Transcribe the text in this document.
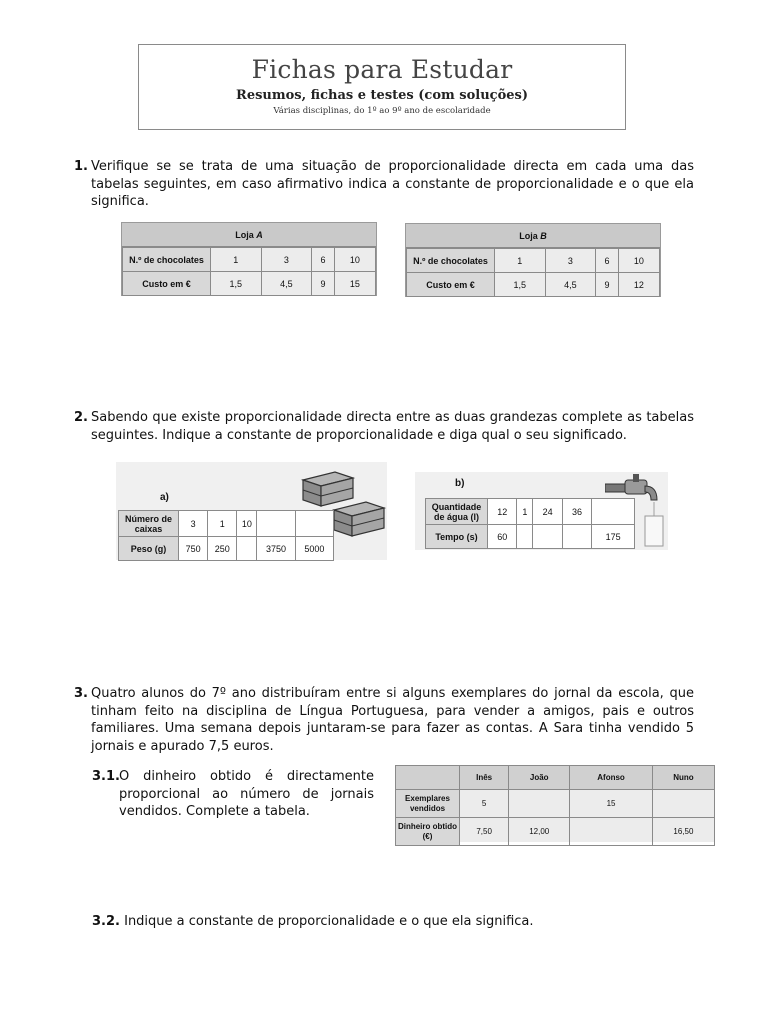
Fichas para Estudar
Resumos, fichas e testes (com soluções)
Várias disciplinas, do 1º ao 9º ano de escolaridade
1. Verifique se se trata de uma situação de proporcionalidade directa em cada uma das tabelas seguintes, em caso afirmativo indica a constante de proporcionalidade e o que ela significa.
Loja A
N.º de chocolates	1	3	6	10
Custo em €	1,5	4,5	9	15
Loja B
N.º de chocolates	1	3	6	10
Custo em €	1,5	4,5	9	12
2. Sabendo que existe proporcionalidade directa entre as duas grandezas complete as tabelas seguintes. Indique a constante de proporcionalidade e diga qual o seu significado.
a)
Número de caixas	3	1	10		
Peso (g)	750	250		3750	5000
b)
Quantidade de água (l)	12	1	24	36	
Tempo (s)	60				175
3. Quatro alunos do 7º ano distribuíram entre si alguns exemplares do jornal da escola, que tinham feito na disciplina de Língua Portuguesa, para vender a amigos, pais e outros familiares. Uma semana depois juntaram-se para fazer as contas. A Sara tinha vendido 5 jornais e apurado 7,5 euros.
3.1. O dinheiro obtido é directamente proporcional ao número de jornais vendidos. Complete a tabela.
	Inês	João	Afonso	Nuno
Exemplares vendidos	5		15	
Dinheiro obtido (€)	7,50	12,00		16,50
3.2. Indique a constante de proporcionalidade e o que ela significa.
